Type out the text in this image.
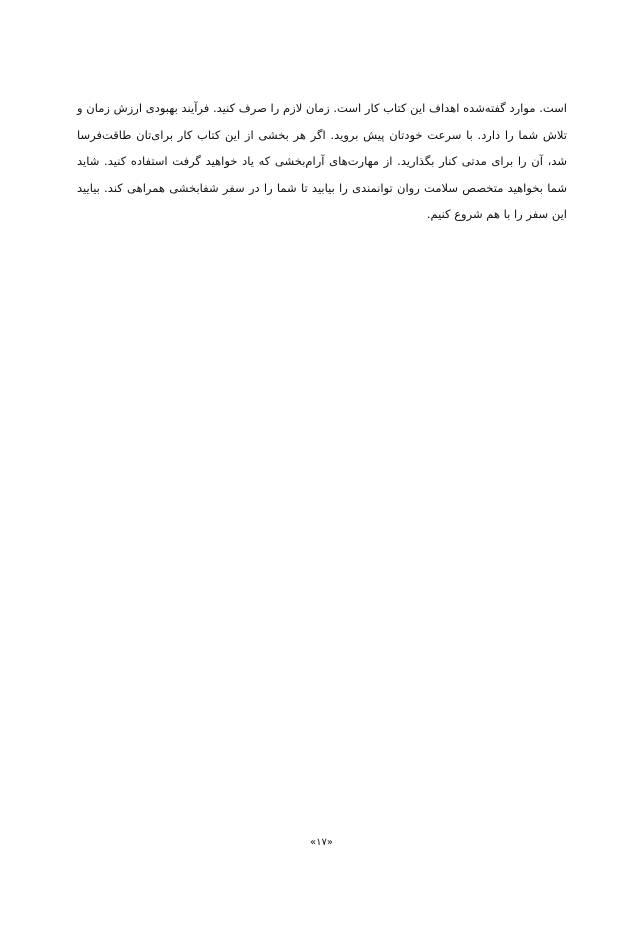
است. موارد گفته‌شده اهداف این کتاب کار است. زمان لازم را صرف کنید. فرآیند بهبودی ارزش زمان و تلاش شما را دارد. با سرعت خودتان پیش بروید. اگر هر بخشی از این کتاب کار برای‌تان طاقت‌فرسا شد، آن را برای مدتی کنار بگذارید. از مهارت‌های آرام‌بخشی که یاد خواهید گرفت استفاده کنید. شاید شما بخواهید متخصص سلامت روان توانمندی را بیابید تا شما را در سفر شفابخشی همراهی کند. بیایید این سفر را با هم شروع کنیم.

«۱۷»
